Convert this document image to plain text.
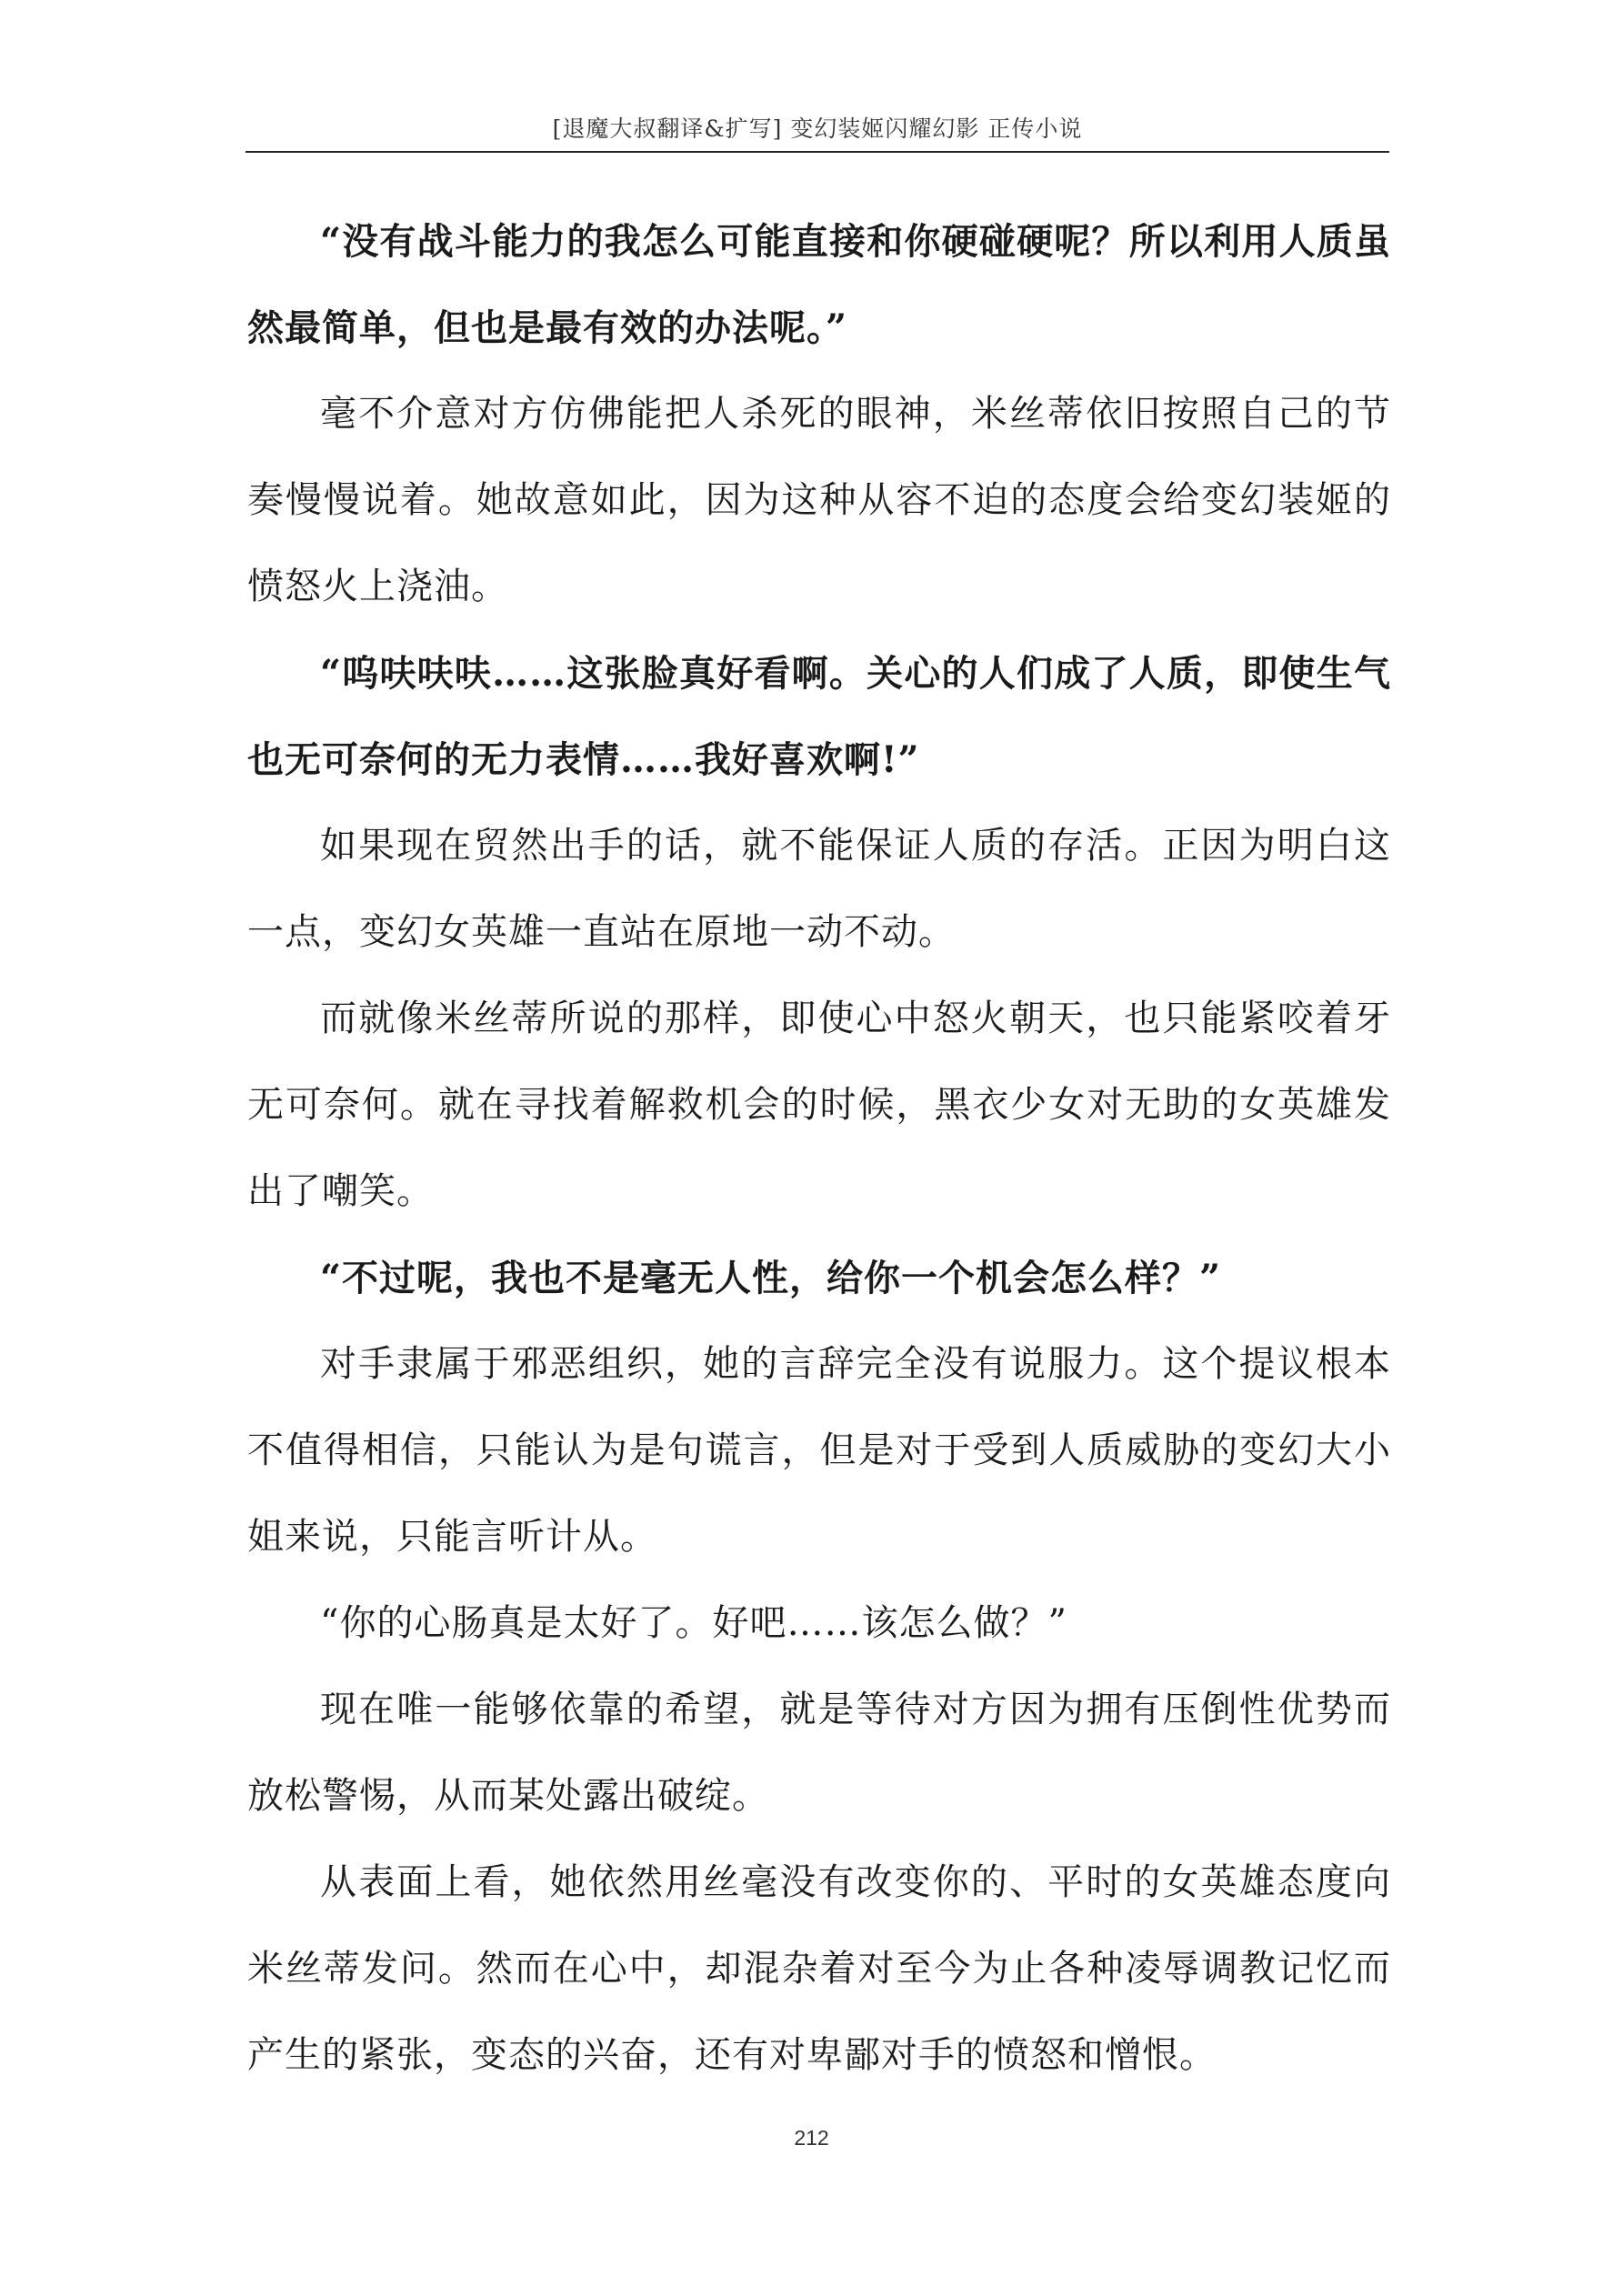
[退魔大叔翻译&扩写] 变幻装姬闪耀幻影 正传小说

“没有战斗能力的我怎么可能直接和你硬碰硬呢？所以利用人质虽然最简单，但也是最有效的办法呢。”

毫不介意对方仿佛能把人杀死的眼神，米丝蒂依旧按照自己的节奏慢慢说着。她故意如此，因为这种从容不迫的态度会给变幻装姬的愤怒火上浇油。

“呜呋呋呋……这张脸真好看啊。关心的人们成了人质，即使生气也无可奈何的无力表情……我好喜欢啊!”

如果现在贸然出手的话，就不能保证人质的存活。正因为明白这一点，变幻女英雄一直站在原地一动不动。

而就像米丝蒂所说的那样，即使心中怒火朝天，也只能紧咬着牙无可奈何。就在寻找着解救机会的时候，黑衣少女对无助的女英雄发出了嘲笑。

“不过呢，我也不是毫无人性，给你一个机会怎么样？”

对手隶属于邪恶组织，她的言辞完全没有说服力。这个提议根本不值得相信，只能认为是句谎言，但是对于受到人质威胁的变幻大小姐来说，只能言听计从。

“你的心肠真是太好了。好吧……该怎么做？”

现在唯一能够依靠的希望，就是等待对方因为拥有压倒性优势而放松警惕，从而某处露出破绽。

从表面上看，她依然用丝毫没有改变你的、平时的女英雄态度向米丝蒂发问。然而在心中，却混杂着对至今为止各种凌辱调教记忆而产生的紧张，变态的兴奋，还有对卑鄙对手的愤怒和憎恨。

212
